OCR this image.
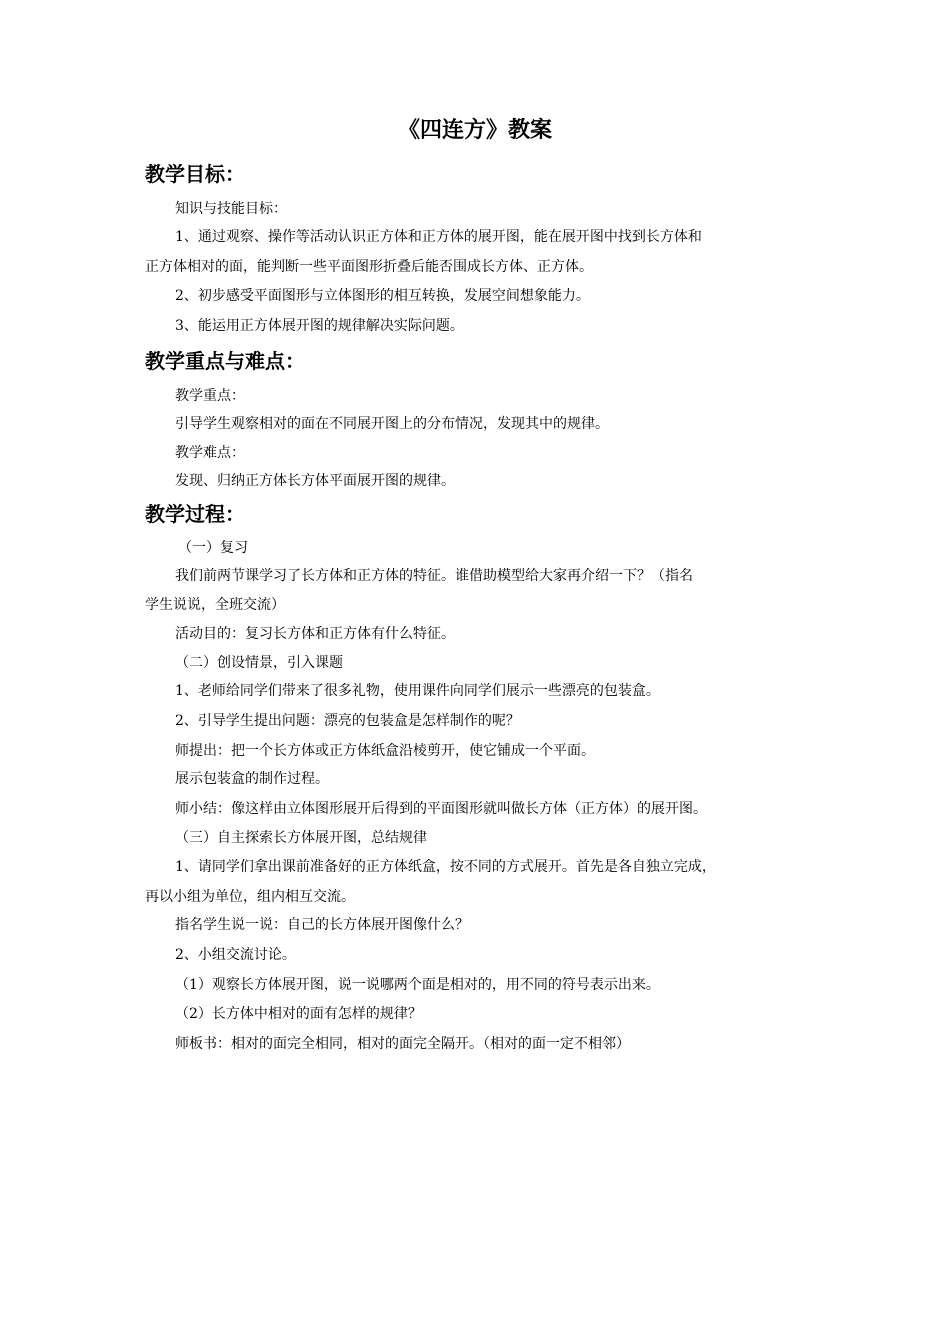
《四连方》教案
教学目标：
知识与技能目标：
1、通过观察、操作等活动认识正方体和正方体的展开图，能在展开图中找到长方体和
正方体相对的面，能判断一些平面图形折叠后能否围成长方体、正方体。
2、初步感受平面图形与立体图形的相互转换，发展空间想象能力。
3、能运用正方体展开图的规律解决实际问题。
教学重点与难点：
教学重点：
引导学生观察相对的面在不同展开图上的分布情况，发现其中的规律。
教学难点：
发现、归纳正方体长方体平面展开图的规律。
教学过程：
（一）复习
我们前两节课学习了长方体和正方体的特征。谁借助模型给大家再介绍一下？（指名
学生说说，全班交流）
活动目的：复习长方体和正方体有什么特征。
（二）创设情景，引入课题
1、老师给同学们带来了很多礼物，使用课件向同学们展示一些漂亮的包装盒。
2、引导学生提出问题：漂亮的包装盒是怎样制作的呢？
师提出：把一个长方体或正方体纸盒沿棱剪开，使它铺成一个平面。
展示包装盒的制作过程。
师小结：像这样由立体图形展开后得到的平面图形就叫做长方体（正方体）的展开图。
（三）自主探索长方体展开图，总结规律
1、请同学们拿出课前准备好的正方体纸盒，按不同的方式展开。首先是各自独立完成，
再以小组为单位，组内相互交流。
指名学生说一说：自己的长方体展开图像什么？
2、小组交流讨论。
（1）观察长方体展开图，说一说哪两个面是相对的，用不同的符号表示出来。
（2）长方体中相对的面有怎样的规律？
师板书：相对的面完全相同，相对的面完全隔开。（相对的面一定不相邻）
